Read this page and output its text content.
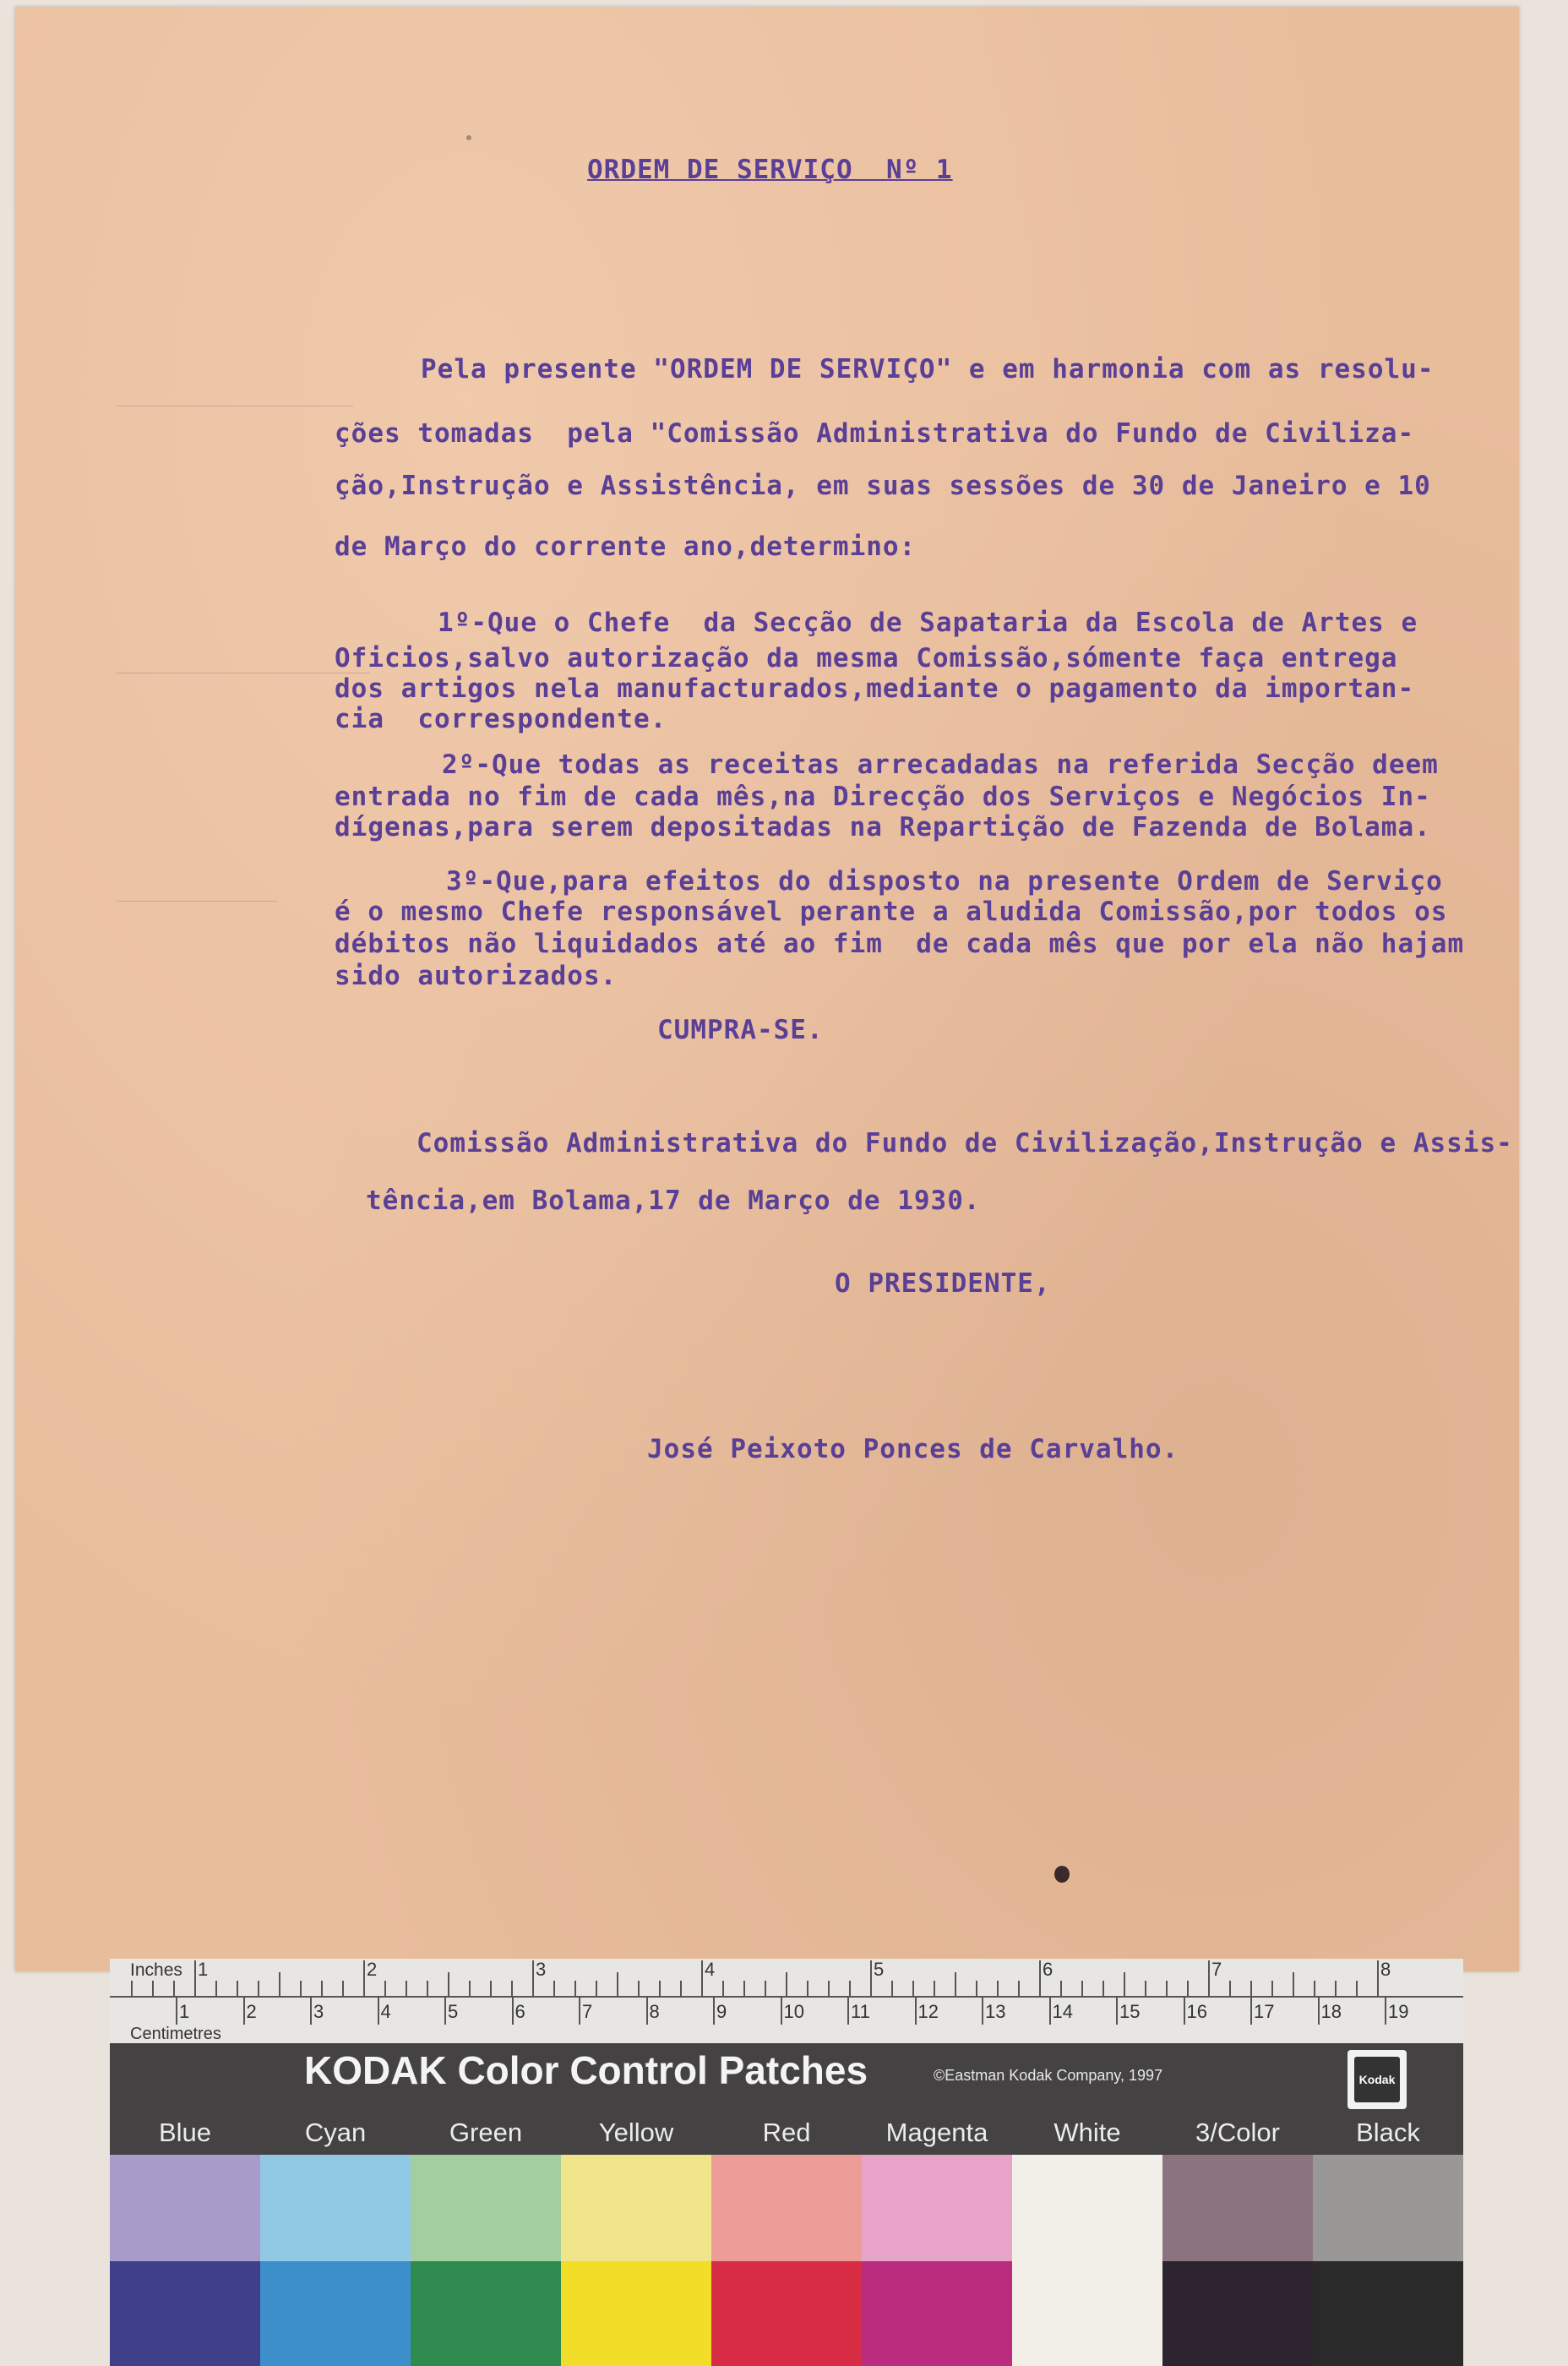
ORDEM DE SERVIÇO  Nº 1
Pela presente "ORDEM DE SERVIÇO" e em harmonia com as resolu-
ções tomadas  pela "Comissão Administrativa do Fundo de Civiliza-
ção,Instrução e Assistência, em suas sessões de 30 de Janeiro e 10
de Março do corrente ano,determino:
1º-Que o Chefe  da Secção de Sapataria da Escola de Artes e
Oficios,salvo autorização da mesma Comissão,sómente faça entrega
dos artigos nela manufacturados,mediante o pagamento da importan-
cia  correspondente.
2º-Que todas as receitas arrecadadas na referida Secção deem
entrada no fim de cada mês,na Direcção dos Serviços e Negócios In-
dígenas,para serem depositadas na Repartição de Fazenda de Bolama.
3º-Que,para efeitos do disposto na presente Ordem de Serviço
é o mesmo Chefe responsável perante a aludida Comissão,por todos os
débitos não liquidados até ao fim  de cada mês que por ela não hajam
sido autorizados.
CUMPRA-SE.
Comissão Administrativa do Fundo de Civilização,Instrução e Assis-
tência,em Bolama,17 de Março de 1930.
O PRESIDENTE,
José Peixoto Ponces de Carvalho.
Inches 1	2	3	4	5	6	7	8
Centimetres
1	2	3	4	5	6	7	8	9	10	11	12	13	14	15	16	17	18	19
KODAK Color Control Patches	©Eastman Kodak Company, 1997	Kodak
Blue	Cyan	Green	Yellow	Red	Magenta	White	3/Color	Black
